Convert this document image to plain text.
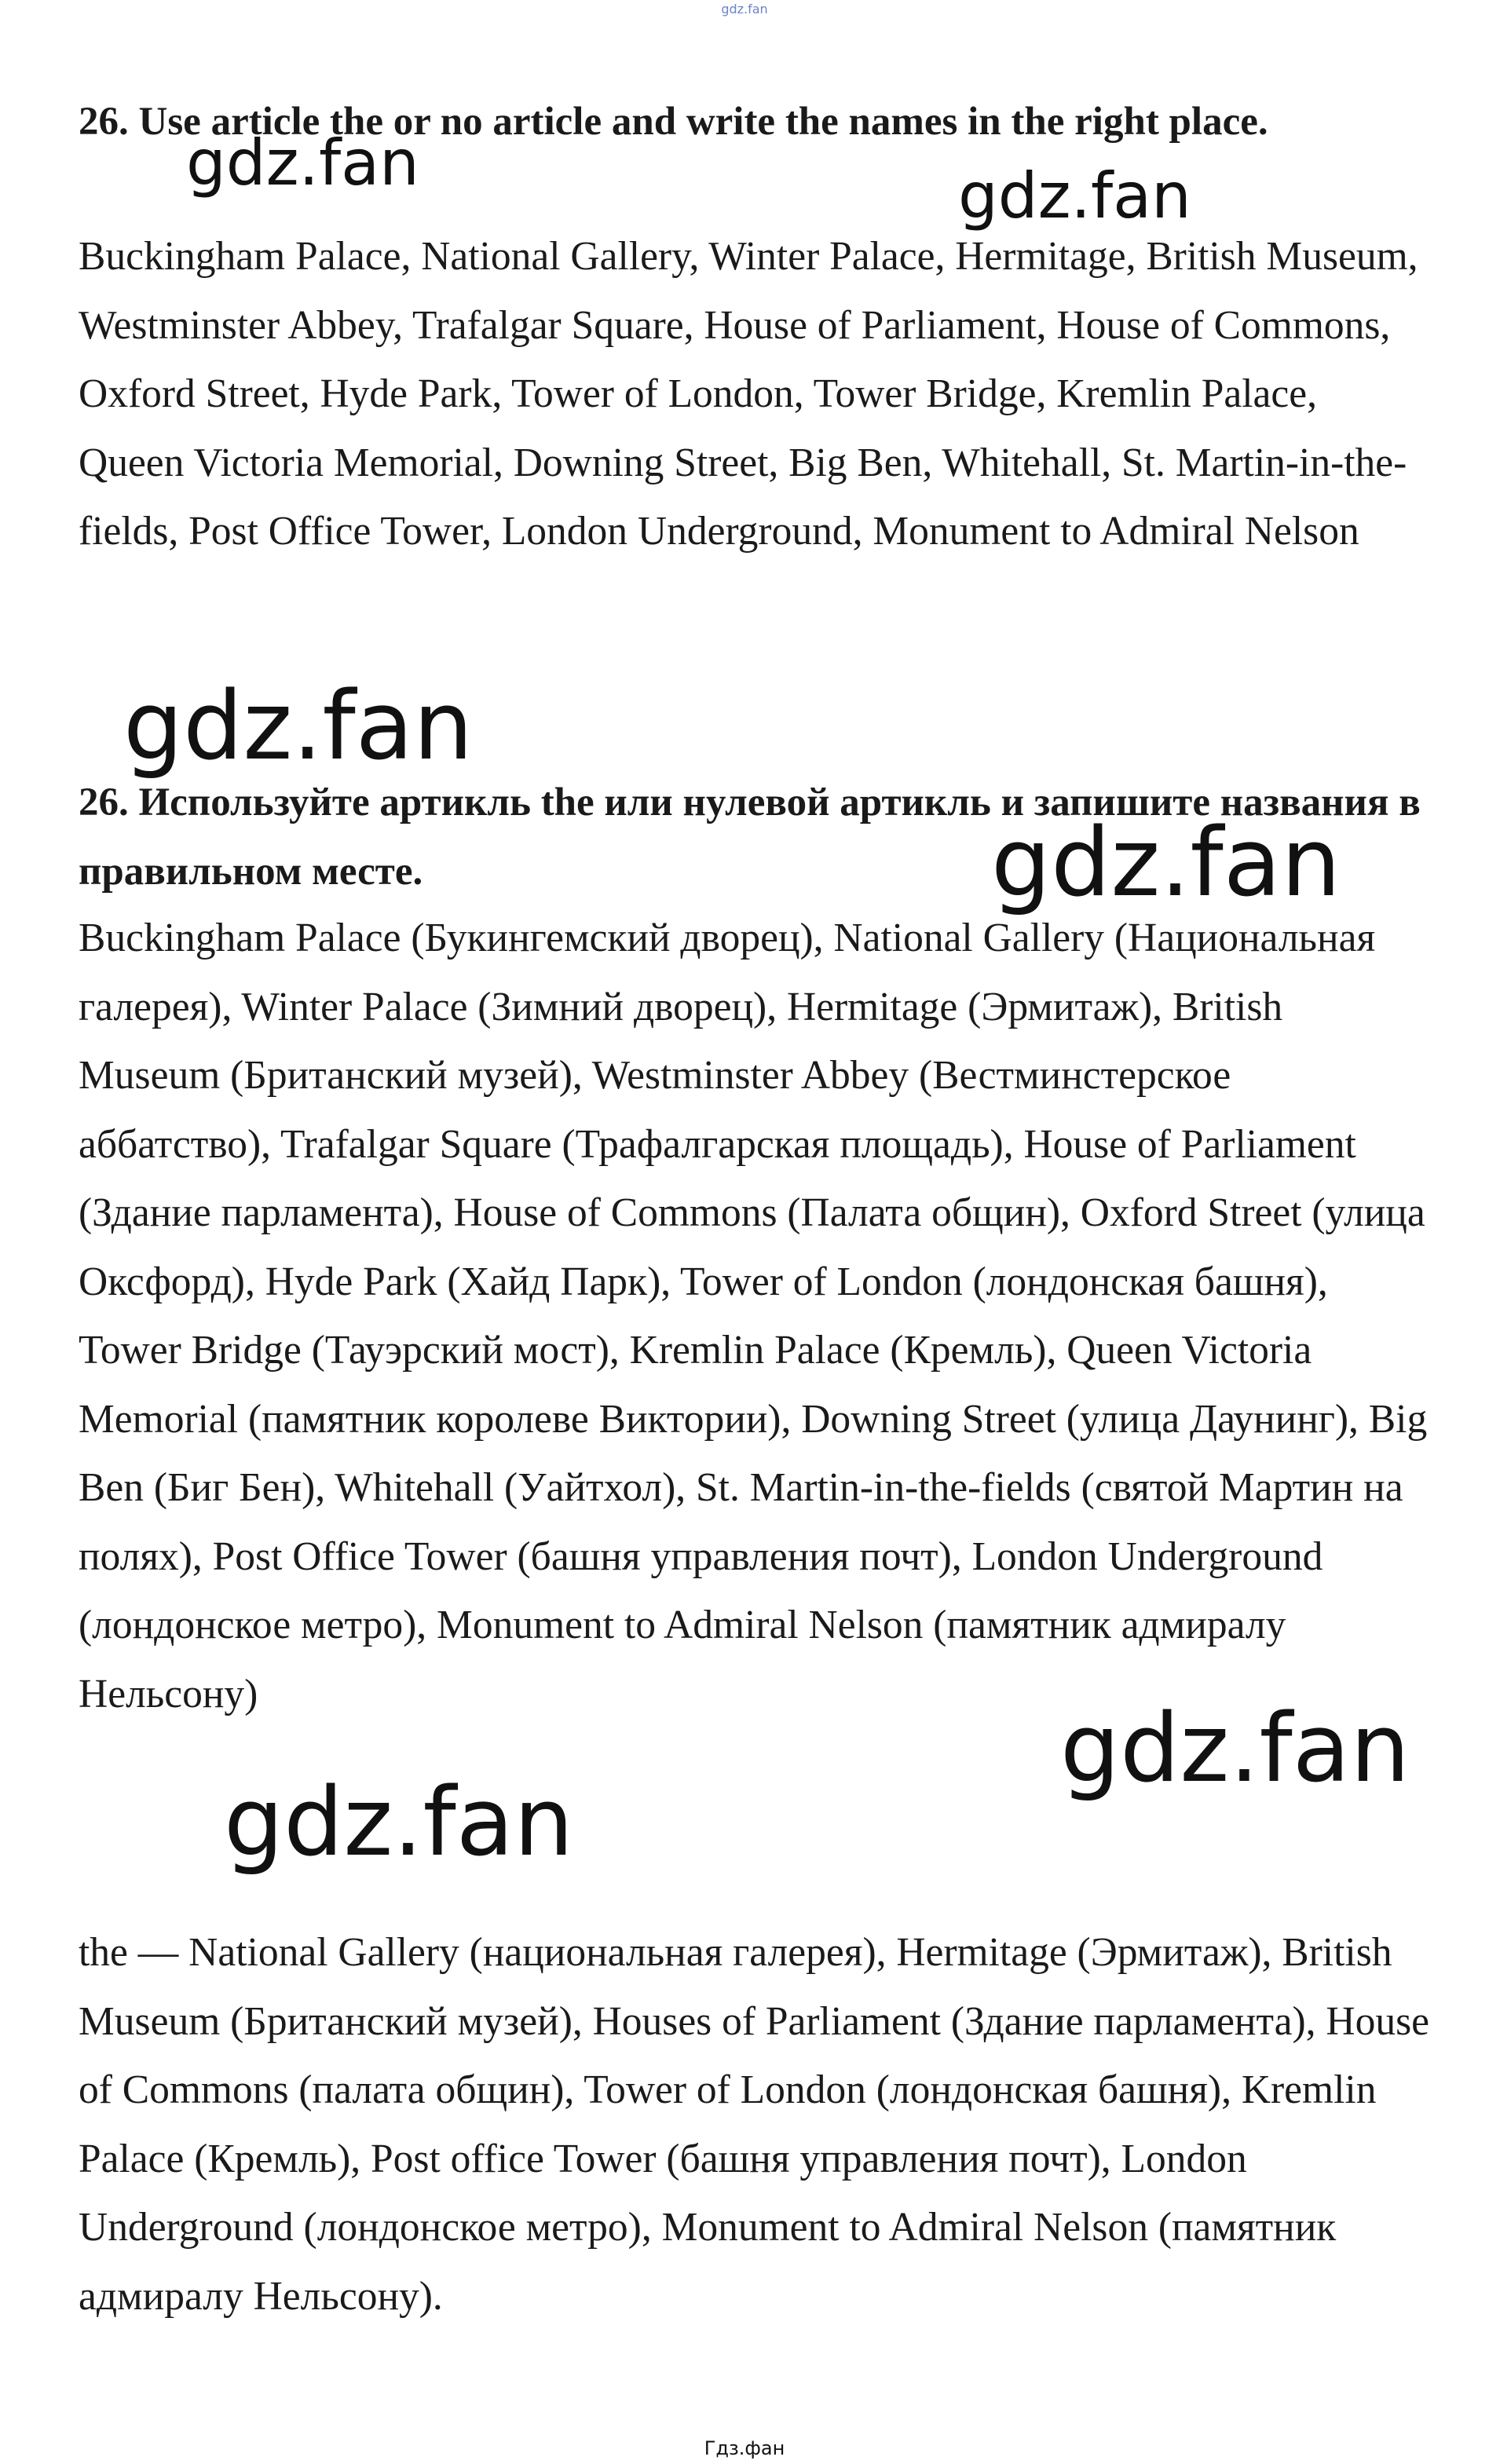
gdz.fan
26. Use article the or no article and write the names in the right place.

Buckingham Palace, National Gallery, Winter Palace, Hermitage, British Museum, Westminster Abbey, Trafalgar Square, House of Parliament, House of Commons, Oxford Street, Hyde Park, Tower of London, Tower Bridge, Kremlin Palace, Queen Victoria Memorial, Downing Street, Big Ben, Whitehall, St. Martin-in-the-fields, Post Office Tower, London Underground, Monument to Admiral Nelson

26. Используйте артикль the или нулевой артикль и запишите названия в правильном месте.

Buckingham Palace (Букингемский дворец), National Gallery (Национальная галерея), Winter Palace (Зимний дворец), Hermitage (Эрмитаж), British Museum (Британский музей), Westminster Abbey (Вестминстерское аббатство), Trafalgar Square (Трафалгарская площадь), House of Parliament (Здание парламента), House of Commons (Палата общин), Oxford Street (улица Оксфорд), Hyde Park (Хайд Парк), Tower of London (лондонская башня), Tower Bridge (Тауэрский мост), Kremlin Palace (Кремль), Queen Victoria Memorial (памятник королеве Виктории), Downing Street (улица Даунинг), Big Ben (Биг Бен), Whitehall (Уайтхол), St. Martin-in-the-fields (святой Мартин на полях), Post Office Tower (башня управления почт), London Underground (лондонское метро), Monument to Admiral Nelson (памятник адмиралу Нельсону)

the — National Gallery (национальная галерея), Hermitage (Эрмитаж), British Museum (Британский музей), Houses of Parliament (Здание парламента), House of Commons (палата общин), Tower of London (лондонская башня), Kremlin Palace (Кремль), Post office Tower (башня управления почт), London Underground (лондонское метро), Monument to Admiral Nelson (памятник адмиралу Нельсону).

gdz.fan	gdz.fan
gdz.fan
gdz.fan
gdz.fan
gdz.fan
Гдз.фан
